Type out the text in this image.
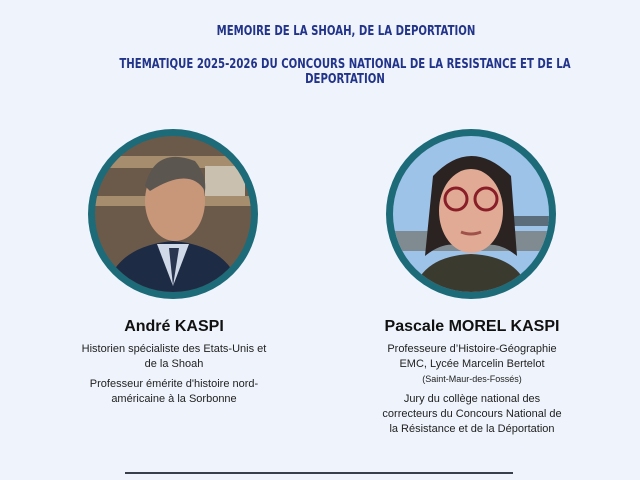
MEMOIRE DE LA SHOAH, DE LA DEPORTATION
THEMATIQUE 2025-2026 DU CONCOURS NATIONAL DE LA RESISTANCE ET DE LA DEPORTATION
André KASPI
Historien spécialiste des Etats-Unis et
de la Shoah
Professeur émérite d'histoire nord-
américaine à la Sorbonne
Pascale MOREL KASPI
Professeure d’Histoire-Géographie
EMC, Lycée Marcelin Bertelot
(Saint-Maur-des-Fossés)
Jury du collège national des
correcteurs du Concours National de
la Résistance et de la Déportation
